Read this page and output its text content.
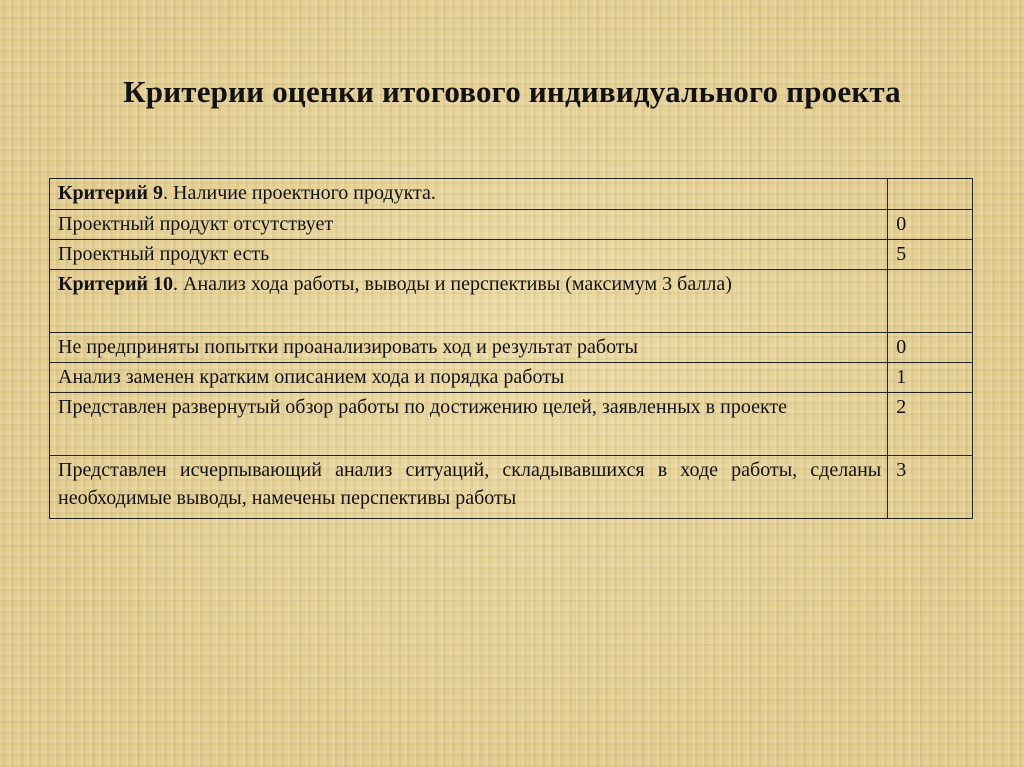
Критерии оценки итогового индивидуального проекта
Критерий 9. Наличие проектного продукта.	
Проектный продукт отсутствует	0
Проектный продукт есть	5
Критерий 10. Анализ хода работы, выводы и перспективы (максимум 3 балла)	
Не предприняты попытки проанализировать ход и результат работы	0
Анализ заменен кратким описанием хода и порядка работы	1
Представлен развернутый обзор работы по достижению целей, заявленных в проекте	2
Представлен исчерпывающий анализ ситуаций, складывавшихся в ходе работы, сделаны необходимые выводы, намечены перспективы работы	3
